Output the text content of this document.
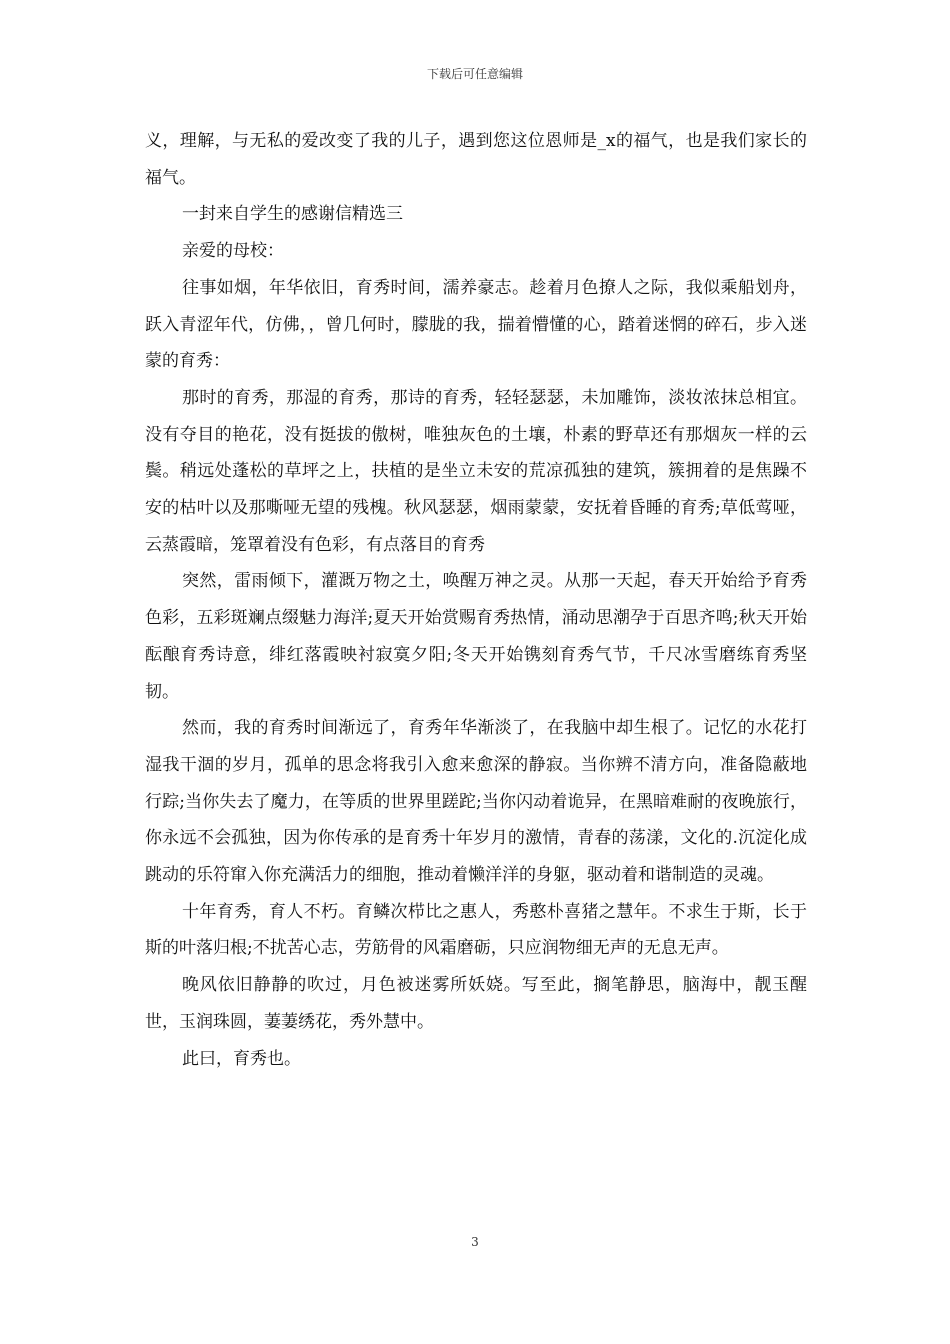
下载后可任意编辑

义，理解，与无私的爱改变了我的儿子，遇到您这位恩师是_x的福气，也是我们家长的福气。

一封来自学生的感谢信精选三

亲爱的母校：

往事如烟，年华依旧，育秀时间，濡养豪志。趁着月色撩人之际，我似乘船划舟，跃入青涩年代，仿佛，，曾几何时，朦胧的我，揣着懵懂的心，踏着迷惘的碎石，步入迷蒙的育秀：

那时的育秀，那湿的育秀，那诗的育秀，轻轻瑟瑟，未加雕饰，淡妆浓抹总相宜。没有夺目的艳花，没有挺拔的傲树，唯独灰色的土壤，朴素的野草还有那烟灰一样的云鬓。稍远处蓬松的草坪之上，扶植的是坐立未安的荒凉孤独的建筑，簇拥着的是焦躁不安的枯叶以及那嘶哑无望的残槐。秋风瑟瑟，烟雨蒙蒙，安抚着昏睡的育秀;草低莺哑，云蒸霞暗，笼罩着没有色彩，有点落目的育秀

突然，雷雨倾下，灌溉万物之土，唤醒万神之灵。从那一天起，春天开始给予育秀色彩，五彩斑斓点缀魅力海洋;夏天开始赏赐育秀热情，涌动思潮孕于百思齐鸣;秋天开始酝酿育秀诗意，绯红落霞映衬寂寞夕阳;冬天开始镌刻育秀气节，千尺冰雪磨练育秀坚韧。

然而，我的育秀时间渐远了，育秀年华渐淡了，在我脑中却生根了。记忆的水花打湿我干涸的岁月，孤单的思念将我引入愈来愈深的静寂。当你辨不清方向，准备隐蔽地行踪;当你失去了魔力，在等质的世界里蹉跎;当你闪动着诡异，在黑暗难耐的夜晚旅行，你永远不会孤独，因为你传承的是育秀十年岁月的激情，青春的荡漾，文化的.沉淀化成跳动的乐符窜入你充满活力的细胞，推动着懒洋洋的身躯，驱动着和谐制造的灵魂。

十年育秀，育人不朽。育鳞次栉比之惠人，秀憨朴喜猪之慧年。不求生于斯，长于斯的叶落归根;不扰苦心志，劳筋骨的风霜磨砺，只应润物细无声的无息无声。

晚风依旧静静的吹过，月色被迷雾所妖娆。写至此，搁笔静思，脑海中，靓玉醒世，玉润珠圆，萋萋绣花，秀外慧中。

此曰，育秀也。

3
